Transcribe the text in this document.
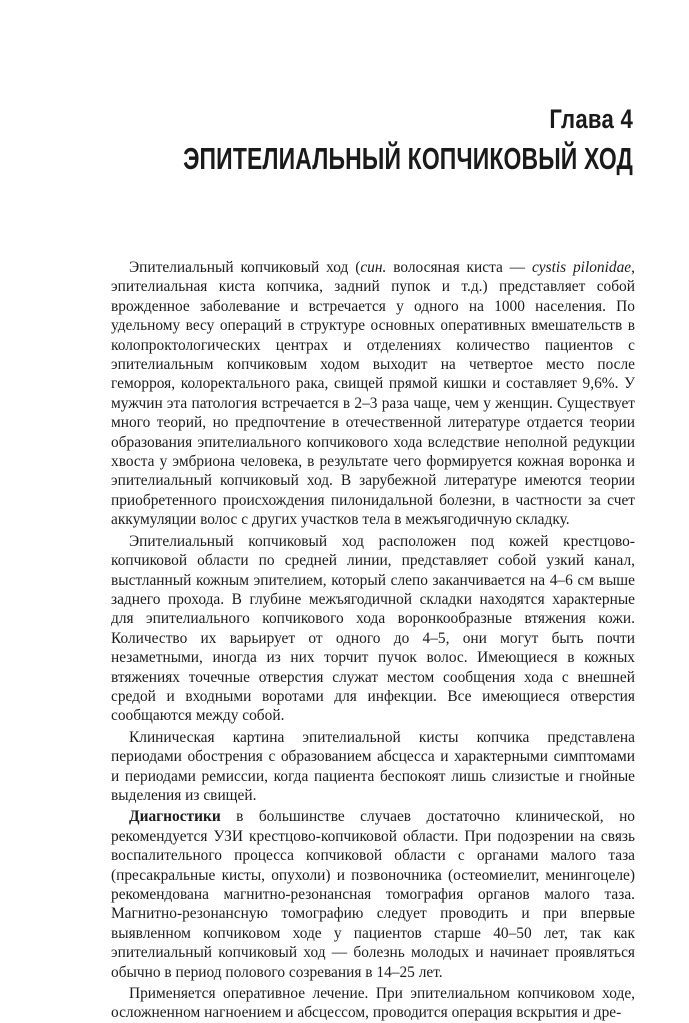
Глава 4
ЭПИТЕЛИАЛЬНЫЙ КОПЧИКОВЫЙ ХОД

Эпителиальный копчиковый ход (син. волосяная киста — cystis pilonidae, эпителиальная киста копчика, задний пупок и т.д.) представляет собой врожденное заболевание и встречается у одного на 1000 населения. По удельному весу операций в структуре основных оперативных вмешательств в колопроктологических центрах и отделениях количество пациентов с эпителиальным копчиковым ходом выходит на четвертое место после геморроя, колоректального рака, свищей прямой кишки и составляет 9,6%. У мужчин эта патология встречается в 2–3 раза чаще, чем у женщин. Существует много теорий, но предпочтение в отечественной литературе отдается теории образования эпителиального копчикового хода вследствие неполной редукции хвоста у эмбриона человека, в результате чего формируется кожная воронка и эпителиальный копчиковый ход. В зарубежной литературе имеются теории приобретенного происхождения пилонидальной болезни, в частности за счет аккумуляции волос с других участков тела в межъягодичную складку.

Эпителиальный копчиковый ход расположен под кожей крестцово-копчиковой области по средней линии, представляет собой узкий канал, выстланный кожным эпителием, который слепо заканчивается на 4–6 см выше заднего прохода. В глубине межъягодичной складки находятся характерные для эпителиального копчикового хода воронкообразные втяжения кожи. Количество их варьирует от одного до 4–5, они могут быть почти незаметными, иногда из них торчит пучок волос. Имеющиеся в кожных втяжениях точечные отверстия служат местом сообщения хода с внешней средой и входными воротами для инфекции. Все имеющиеся отверстия сообщаются между собой.

Клиническая картина эпителиальной кисты копчика представлена периодами обострения с образованием абсцесса и характерными симптомами и периодами ремиссии, когда пациента беспокоят лишь слизистые и гнойные выделения из свищей.

Диагностики в большинстве случаев достаточно клинической, но рекомендуется УЗИ крестцово-копчиковой области. При подозрении на связь воспалительного процесса копчиковой области с органами малого таза (пресакральные кисты, опухоли) и позвоночника (остеомиелит, менингоцеле) рекомендована магнитно-резонансная томография органов малого таза. Магнитно-резонансную томографию следует проводить и при впервые выявленном копчиковом ходе у пациентов старше 40–50 лет, так как эпителиальный копчиковый ход — болезнь молодых и начинает проявляться обычно в период полового созревания в 14–25 лет.

Применяется оперативное лечение. При эпителиальном копчиковом ходе, осложненном нагноением и абсцессом, проводится операция вскрытия и дре-
